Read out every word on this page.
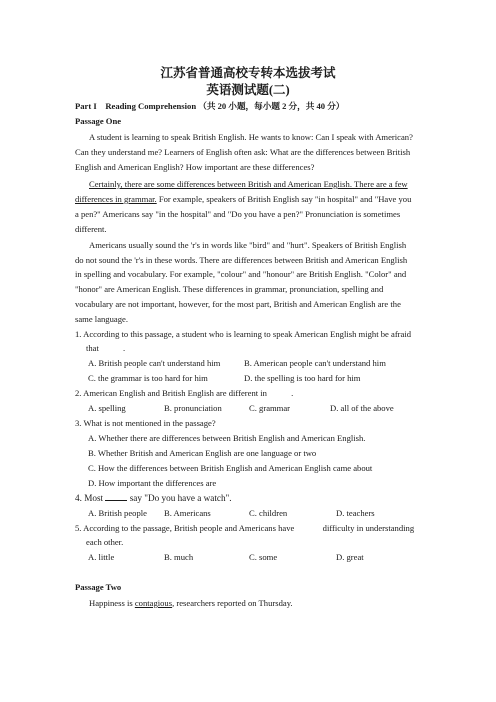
江苏省普通高校专转本选拔考试
英语测试题(二)
Part I Reading Comprehension （共 20 小题，每小题 2 分，共 40 分）
Passage One
A student is learning to speak British English. He wants to know: Can I speak with American?
Can they understand me? Learners of English often ask: What are the differences between British
English and American English? How important are these differences?
Certainly, there are some differences between British and American English. There are a few
differences in grammar. For example, speakers of British English say "in hospital" and "Have you
a pen?" Americans say "in the hospital" and "Do you have a pen?" Pronunciation is sometimes
different.
Americans usually sound the 'r's in words like "bird" and "hurt". Speakers of British English
do not sound the 'r's in these words. There are differences between British and American English
in spelling and vocabulary. For example, "colour" and "honour" are British English. "Color" and
"honor" are American English. These differences in grammar, pronunciation, spelling and
vocabulary are not important, however, for the most part, British and American English are the
same language.
1. According to this passage, a student who is learning to speak American English might be afraid
that	.
A. British people can't understand him	B. American people can't understand him
C. the grammar is too hard for him	D. the spelling is too hard for him
2. American English and British English are different in	.
A. spelling	B. pronunciation	C. grammar	D. all of the above
3. What is not mentioned in the passage?
A. Whether there are differences between British English and American English.
B. Whether British and American English are one language or two
C. How the differences between British English and American English came about
D. How important the differences are
4. Most	say "Do you have a watch".
A. British people B. Americans	C. children	D. teachers
5. According to the passage, British people and Americans have	difficulty in understanding
each other.
A. little	B. much	C. some	D. great
Passage Two
Happiness is contagious, researchers reported on Thursday.
